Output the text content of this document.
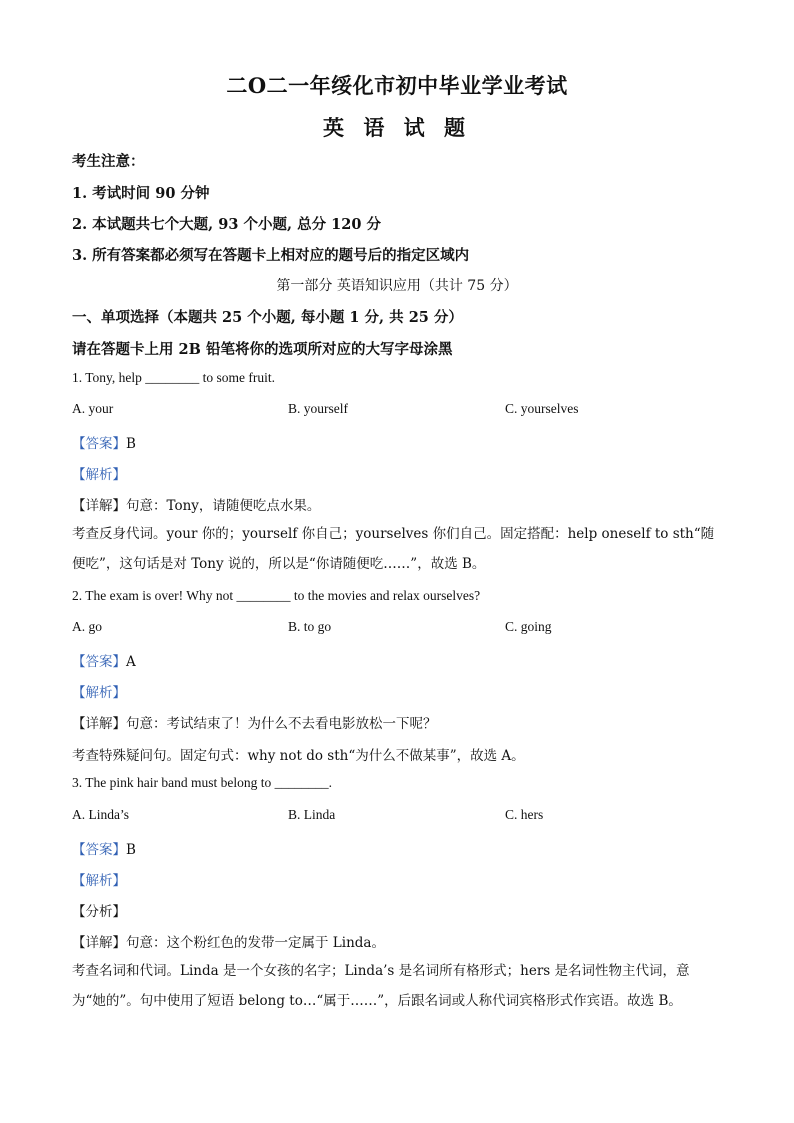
二O二一年绥化市初中毕业学业考试
英 语 试 题
考生注意：
1. 考试时间 90 分钟
2. 本试题共七个大题, 93 个小题, 总分 120 分
3. 所有答案都必须写在答题卡上相对应的题号后的指定区域内
第一部分 英语知识应用（共计 75 分）
一、单项选择（本题共 25 个小题, 每小题 1 分, 共 25 分）
请在答题卡上用 2B 铅笔将你的选项所对应的大写字母涂黑
1. Tony, help ________ to some fruit.
A. your	B. yourself	C. yourselves
【答案】B
【解析】
【详解】句意：Tony，请随便吃点水果。
考查反身代词。your 你的；yourself 你自己；yourselves 你们自己。固定搭配：help oneself to sth“随便吃”，这句话是对 Tony 说的，所以是“你请随便吃……”，故选 B。
2. The exam is over! Why not ________ to the movies and relax ourselves?
A. go	B. to go	C. going
【答案】A
【解析】
【详解】句意：考试结束了！为什么不去看电影放松一下呢？
考查特殊疑问句。固定句式：why not do sth“为什么不做某事”，故选 A。
3. The pink hair band must belong to ________.
A. Linda’s	B. Linda	C. hers
【答案】B
【解析】
【分析】
【详解】句意：这个粉红色的发带一定属于 Linda。
考查名词和代词。Linda 是一个女孩的名字；Linda’s 是名词所有格形式；hers 是名词性物主代词，意为“她的”。句中使用了短语 belong to…“属于……”，后跟名词或人称代词宾格形式作宾语。故选 B。
